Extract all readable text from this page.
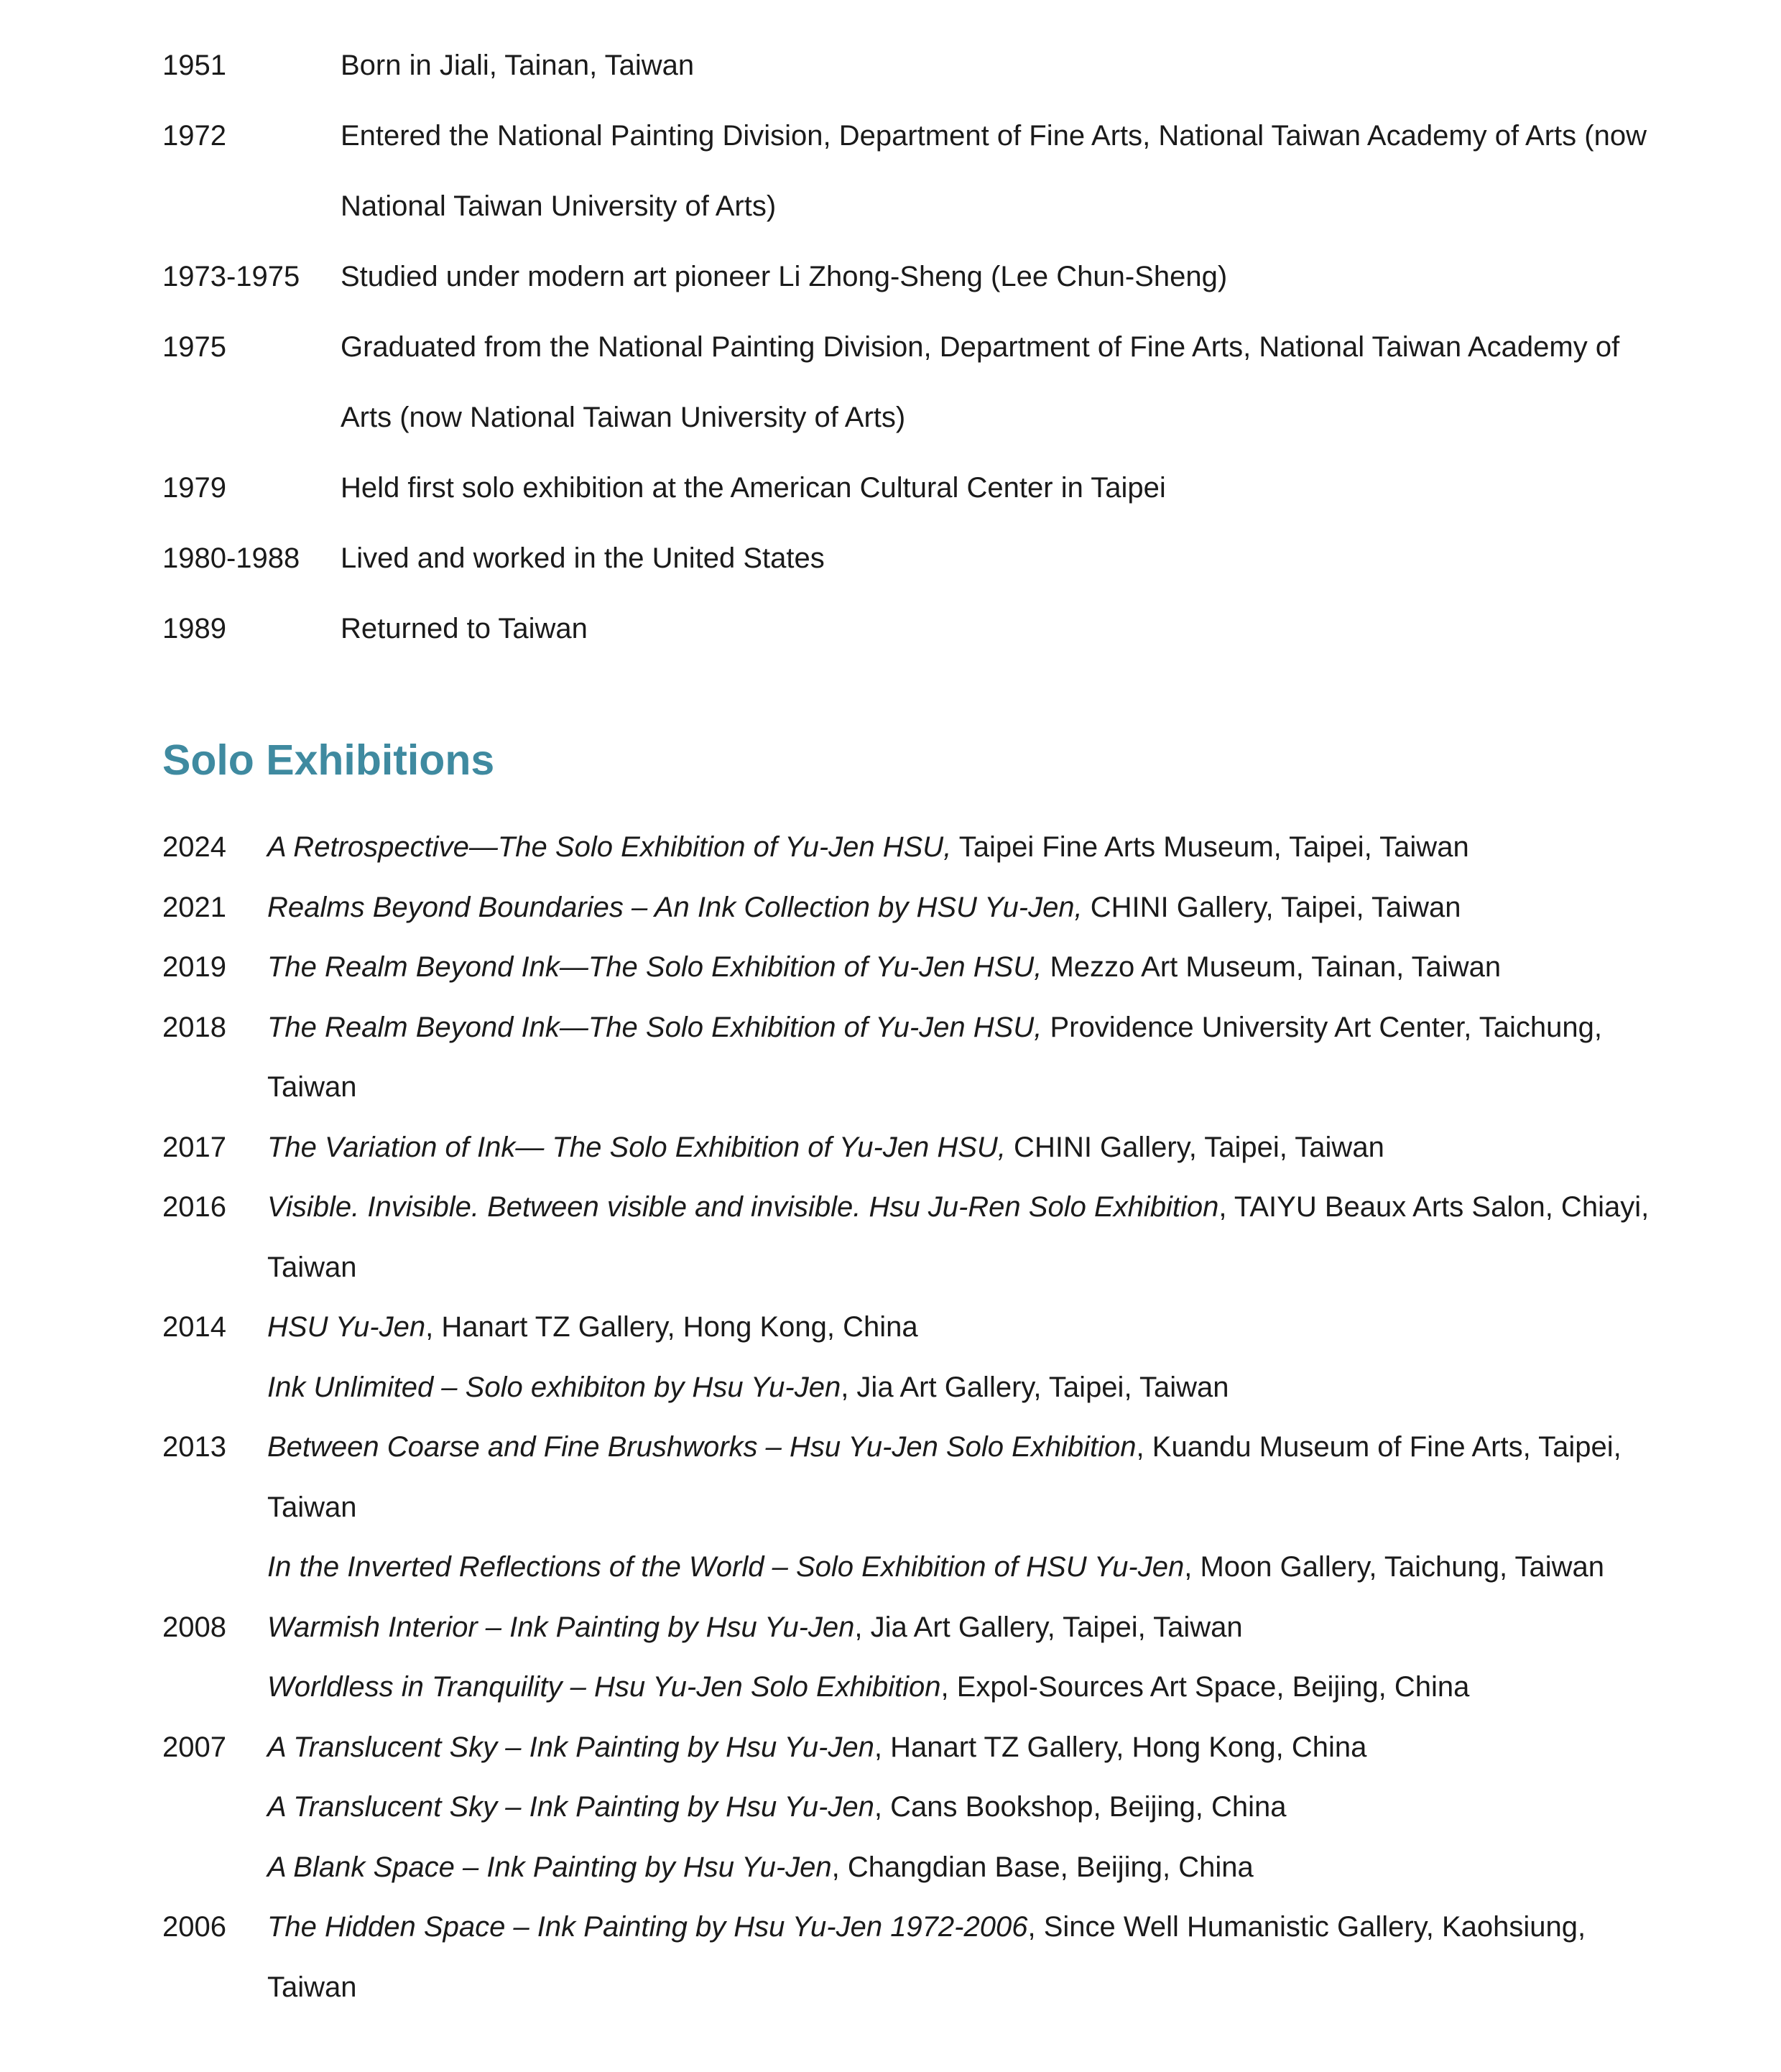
1951	Born in Jiali, Tainan, Taiwan
1972	Entered the National Painting Division, Department of Fine Arts, National Taiwan Academy of Arts (now National Taiwan University of Arts)
1973-1975	Studied under modern art pioneer Li Zhong-Sheng (Lee Chun-Sheng)
1975	Graduated from the National Painting Division, Department of Fine Arts, National Taiwan Academy of Arts (now National Taiwan University of Arts)
1979	Held first solo exhibition at the American Cultural Center in Taipei
1980-1988	Lived and worked in the United States
1989	Returned to Taiwan
Solo Exhibitions
2024	A Retrospective—The Solo Exhibition of Yu-Jen HSU, Taipei Fine Arts Museum, Taipei, Taiwan
2021	Realms Beyond Boundaries – An Ink Collection by HSU Yu-Jen, CHINI Gallery, Taipei, Taiwan
2019	The Realm Beyond Ink—The Solo Exhibition of Yu-Jen HSU, Mezzo Art Museum, Tainan, Taiwan
2018	The Realm Beyond Ink—The Solo Exhibition of Yu-Jen HSU, Providence University Art Center, Taichung, Taiwan
2017	The Variation of Ink— The Solo Exhibition of Yu-Jen HSU, CHINI Gallery, Taipei, Taiwan
2016	Visible. Invisible. Between visible and invisible. Hsu Ju-Ren Solo Exhibition, TAIYU Beaux Arts Salon, Chiayi, Taiwan
2014	HSU Yu-Jen, Hanart TZ Gallery, Hong Kong, China
Ink Unlimited – Solo exhibiton by Hsu Yu-Jen, Jia Art Gallery, Taipei, Taiwan
2013	Between Coarse and Fine Brushworks – Hsu Yu-Jen Solo Exhibition, Kuandu Museum of Fine Arts, Taipei, Taiwan
In the Inverted Reflections of the World – Solo Exhibition of HSU Yu-Jen, Moon Gallery, Taichung, Taiwan
2008	Warmish Interior – Ink Painting by Hsu Yu-Jen, Jia Art Gallery, Taipei, Taiwan
Worldless in Tranquility – Hsu Yu-Jen Solo Exhibition, Expol-Sources Art Space, Beijing, China
2007	A Translucent Sky – Ink Painting by Hsu Yu-Jen, Hanart TZ Gallery, Hong Kong, China
A Translucent Sky – Ink Painting by Hsu Yu-Jen, Cans Bookshop, Beijing, China
A Blank Space – Ink Painting by Hsu Yu-Jen, Changdian Base, Beijing, China
2006	The Hidden Space – Ink Painting by Hsu Yu-Jen 1972-2006, Since Well Humanistic Gallery, Kaohsiung, Taiwan
